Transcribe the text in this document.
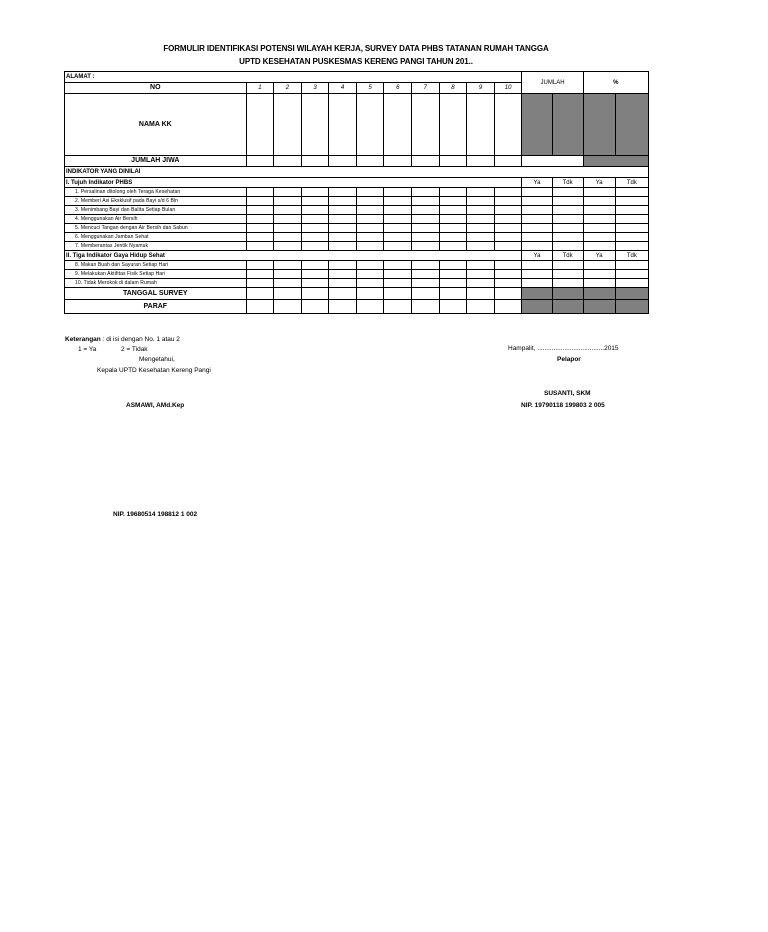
FORMULIR IDENTIFIKASI POTENSI WILAYAH KERJA, SURVEY DATA PHBS TATANAN RUMAH TANGGA
UPTD KESEHATAN PUSKESMAS KERENG PANGI TAHUN 201..
ALAMAT :											JUMLAH		%	
NO	1	2	3	4	5	6	7	8	9	10				
NAMA KK														
JUMLAH JIWA														
INDIKATOR YANG DINILAI														
I. Tujuh Indikator PHBS											Ya	Tdk	Ya	Tdk
1. Persalinan ditolong oleh Teraga Kesehatan														
2. Memberi Asi Eksklusif pada Bayi s/d 6 Bln														
3. Menimbang Bayi dan Balita Setiap Bulan														
4. Menggunakan Air Bersih														
5. Mencuci Tangan dengan Air Bersih dan Sabun														
6. Menggunakan Jamban Sehat														
7. Memberantas Jentik Nyamuk														
II. Tiga Indikator Gaya Hidup Sehat											Ya	Tdk	Ya	Tdk
8. Makan Buah dan Sayuran Setiap Hari														
9. Melakukan Aktifitas Fisik Setiap Hari														
10. Tidak Merokok di dalam Rumah														
TANGGAL SURVEY														
PARAF														
Keterangan : di isi dengan No. 1 atau 2
1 = Ya	2 = Tidak
Mengetahui,
Kepala UPTD Kesehatan Kereng Pangi
ASMAWI, AMd.Kep
NIP. 19680514 198812 1 002
Hampalit, .....................................2015
Pelapor
SUSANTI, SKM
NIP. 19790118 199803 2 005
